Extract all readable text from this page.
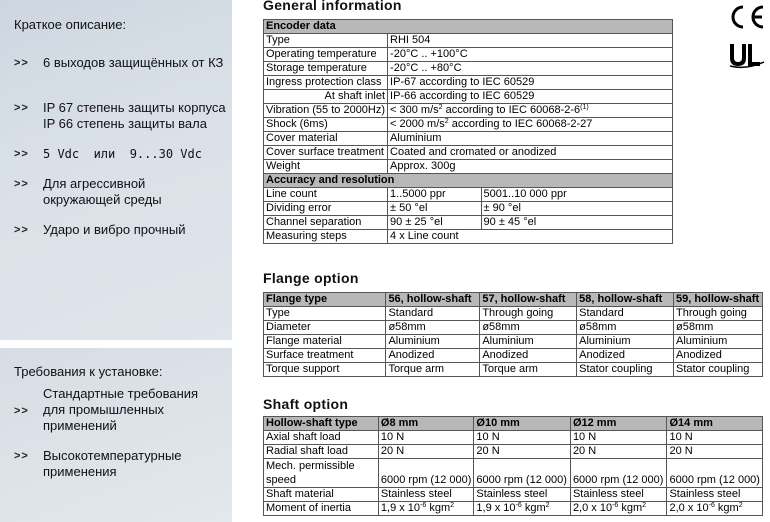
Краткое описание:
>> 6 выходов защищённых от КЗ
>> IP 67 степень защиты корпуса
IP 66 степень защиты вала
>> 5 Vdc  или  9...30 Vdc
>> Для агрессивной
окружающей среды
>> Ударо и вибро прочный
Требования к установке:
>>
Стандартные требования
для промышленных
применений
>> Высокотемпературные
применения
General information
Encoder data		
Type	RHI 504	
Operating temperature	-20°C .. +100°C	
Storage temperature	-20°C .. +80°C	
Ingress protection class	IP-67 according to IEC 60529	
At shaft inlet	IP-66 according to IEC 60529	
Vibration (55 to 2000Hz)	< 300 $m/s^2$ according to IEC 60068-2-6$^{(1)}$
Shock (6ms)	< 2000 $m/s^2$ according to IEC 60068-2-27	
Cover material	Aluminium	
Cover surface treatment	Coated and cromated or anodized	
Weight	Approx. 300g	
Accuracy and resolution		
Line count	1..5000 ppr	5001..10 000 ppr
Dividing error	± 50 °el	± 90 °el
Channel separation	90 ± 25 °el	90 ± 45 °el
Measuring steps	4 x Line count	
Flange option
Flange type	56, hollow-shaft	57, hollow-shaft	58, hollow-shaft	59, hollow-shaft
Type	Standard	Through going	Standard	Through going
Diameter	ø58mm	ø58mm	ø58mm	ø58mm
Flange material	Aluminium	Aluminium	Aluminium	Aluminium
Surface treatment	Anodized	Anodized	Anodized	Anodized
Torque support	Torque arm	Torque arm	Stator coupling	Stator coupling
Shaft option
Hollow-shaft type	Ø8 mm	Ø10 mm	Ø12 mm	Ø14 mm
Axial shaft load	10 N	10 N	10 N	10 N
Radial shaft load	20 N	20 N	20 N	20 N

Mech. permissible
speed	6000 rpm (12 000)	6000 rpm (12 000)	6000 rpm (12 000)	6000 rpm (12 000)
Shaft material	Stainless steel	Stainless steel	Stainless steel	Stainless steel
Moment of inertia	1,9 x $10^{-6}$ kgm$^2$	1,9 x $10^{-6}$ kgm$^2$	2,0 x $10^{-6}$ kgm$^2$	2,0 x $10^{-6}$ kgm$^2$
